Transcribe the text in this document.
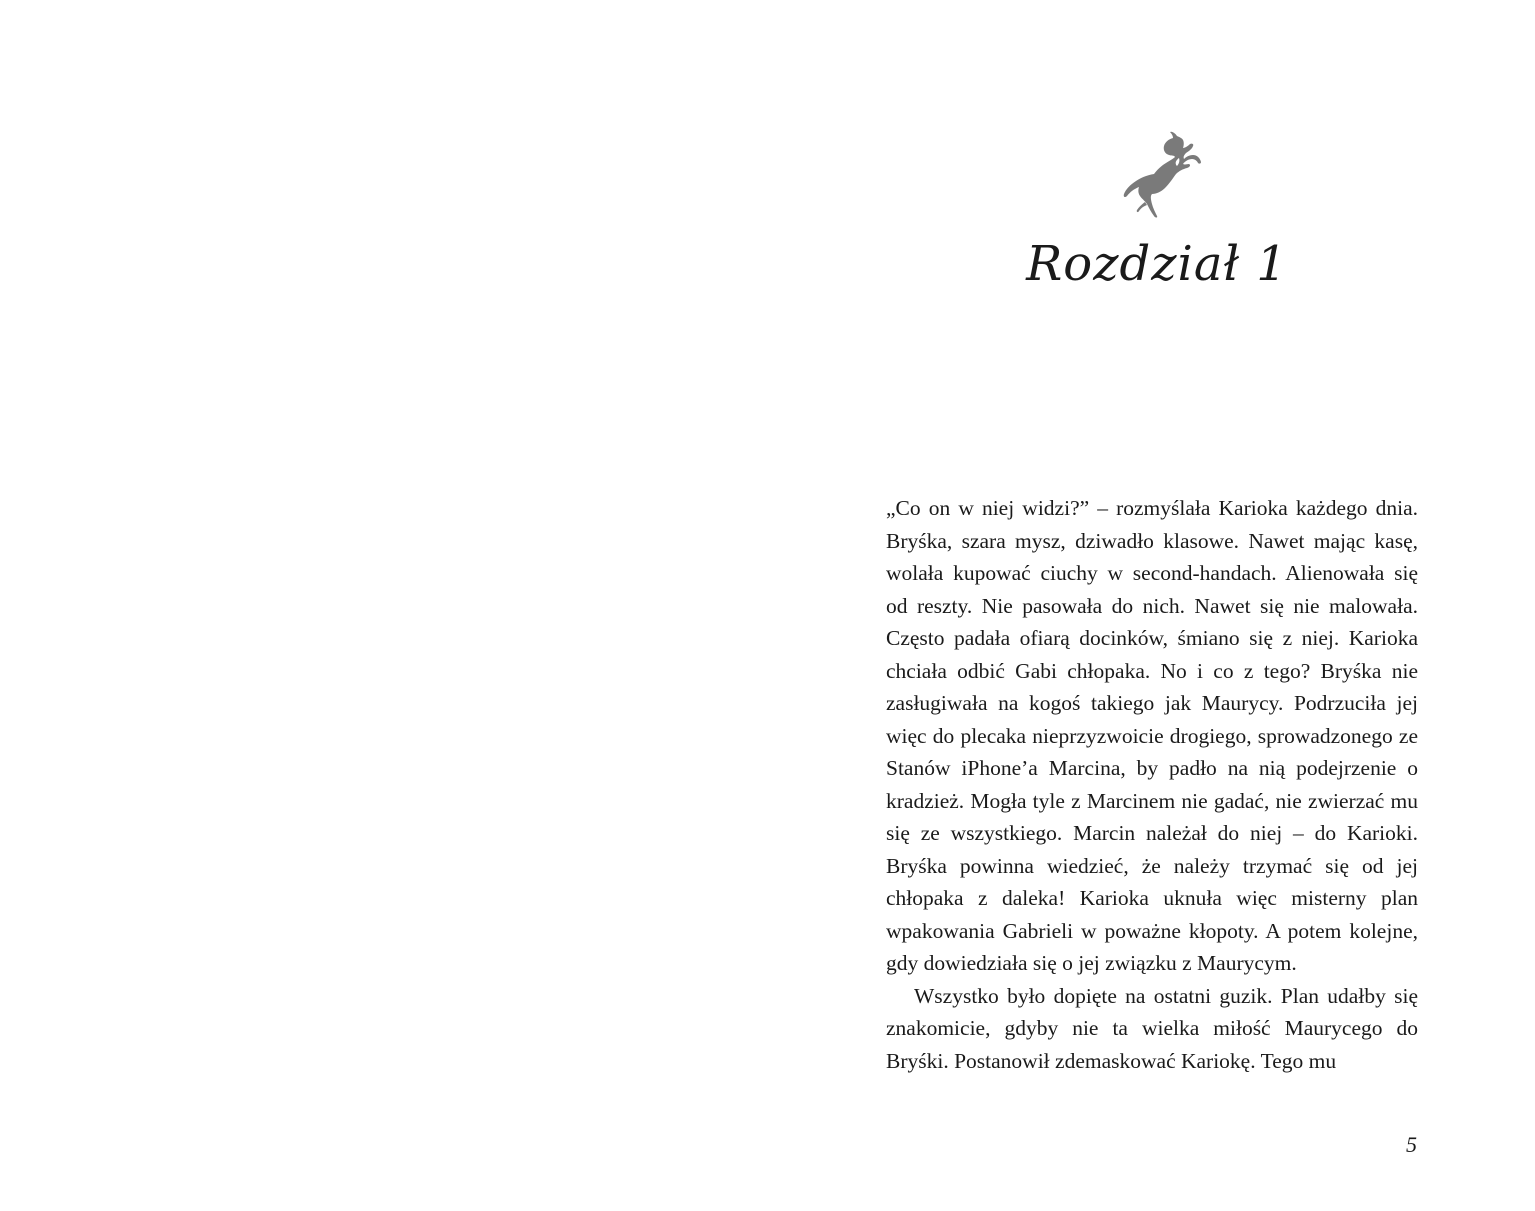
Rozdział 1

„Co on w niej widzi?” – rozmyślała Karioka każdego dnia. Bryśka, szara mysz, dziwadło klasowe. Nawet mając kasę, wolała kupować ciuchy w second-handach. Alienowała się od reszty. Nie pasowała do nich. Nawet się nie malowała. Często padała ofiarą docinków, śmiano się z niej. Karioka chciała odbić Gabi chłopaka. No i co z tego? Bryśka nie zasługiwała na kogoś takiego jak Maurycy. Podrzuciła jej więc do plecaka nieprzyzwoicie drogiego, sprowadzonego ze Stanów iPhone’a Marcina, by padło na nią podejrzenie o kradzież. Mogła tyle z Marcinem nie gadać, nie zwierzać mu się ze wszystkiego. Marcin należał do niej – do Karioki. Bryśka powinna wiedzieć, że należy trzymać się od jej chłopaka z daleka! Karioka uknuła więc misterny plan wpakowania Gabrieli w poważne kłopoty. A potem kolejne, gdy dowiedziała się o jej związku z Maurycym.

Wszystko było dopięte na ostatni guzik. Plan udałby się znakomicie, gdyby nie ta wielka miłość Maurycego do Bryśki. Postanowił zdemaskować Kariokę. Tego mu

5
